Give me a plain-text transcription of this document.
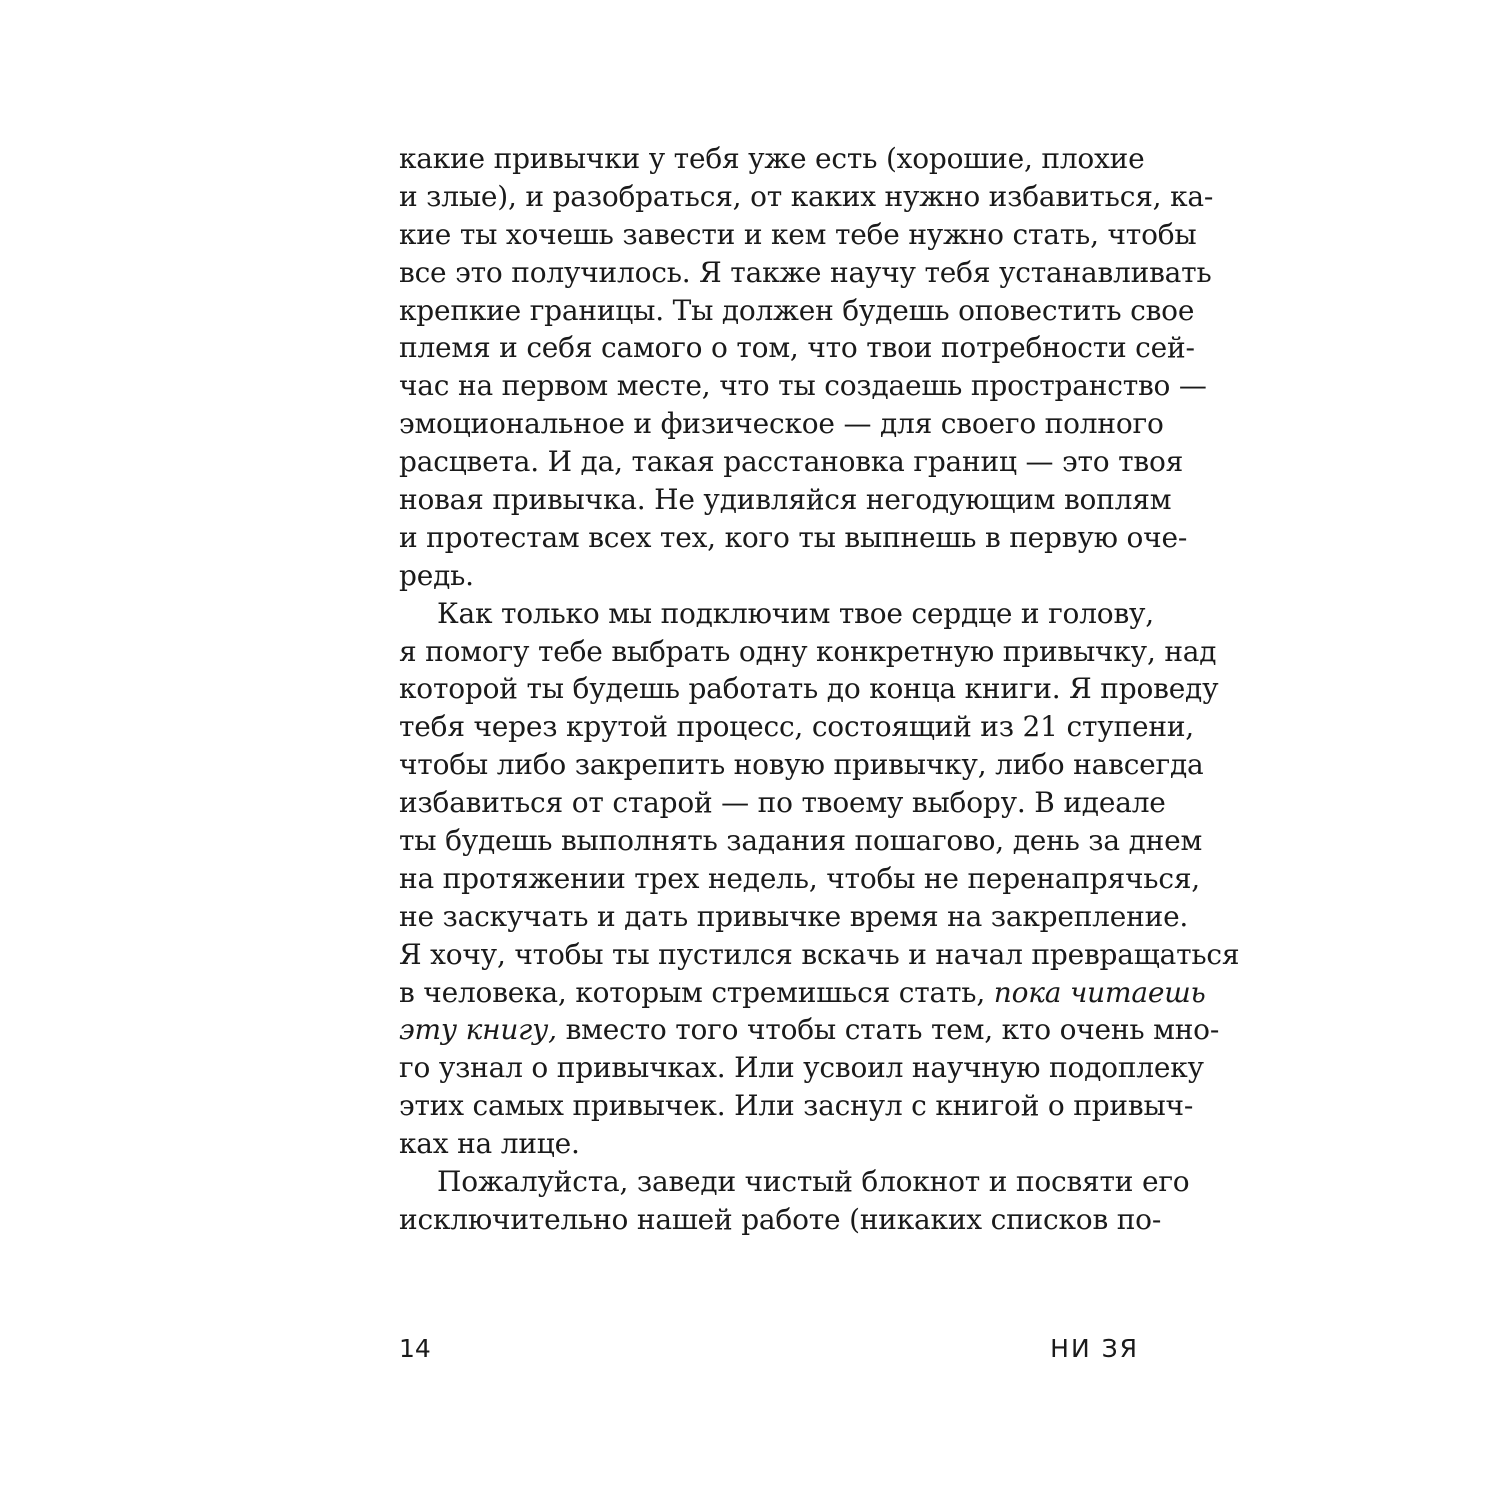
какие привычки у тебя уже есть (хорошие, плохие
и злые), и разобраться, от каких нужно избавиться, ка-
кие ты хочешь завести и кем тебе нужно стать, чтобы
все это получилось. Я также научу тебя устанавливать
крепкие границы. Ты должен будешь оповестить свое
племя и себя самого о том, что твои потребности сей-
час на первом месте, что ты создаешь пространство —
эмоциональное и физическое — для своего полного
расцвета. И да, такая расстановка границ — это твоя
новая привычка. Не удивляйся негодующим воплям
и протестам всех тех, кого ты выпнешь в первую оче-
редь.
Как только мы подключим твое сердце и голову,
я помогу тебе выбрать одну конкретную привычку, над
которой ты будешь работать до конца книги. Я проведу
тебя через крутой процесс, состоящий из 21 ступени,
чтобы либо закрепить новую привычку, либо навсегда
избавиться от старой — по твоему выбору. В идеале
ты будешь выполнять задания пошагово, день за днем
на протяжении трех недель, чтобы не перенапрячься,
не заскучать и дать привычке время на закрепление.
Я хочу, чтобы ты пустился вскачь и начал превращаться
в человека, которым стремишься стать, пока читаешь
эту книгу, вместо того чтобы стать тем, кто очень мно-
го узнал о привычках. Или усвоил научную подоплеку
этих самых привычек. Или заснул с книгой о привыч-
ках на лице.
Пожалуйста, заведи чистый блокнот и посвяти его
исключительно нашей работе (никаких списков по-
14	НИ ЗЯ
